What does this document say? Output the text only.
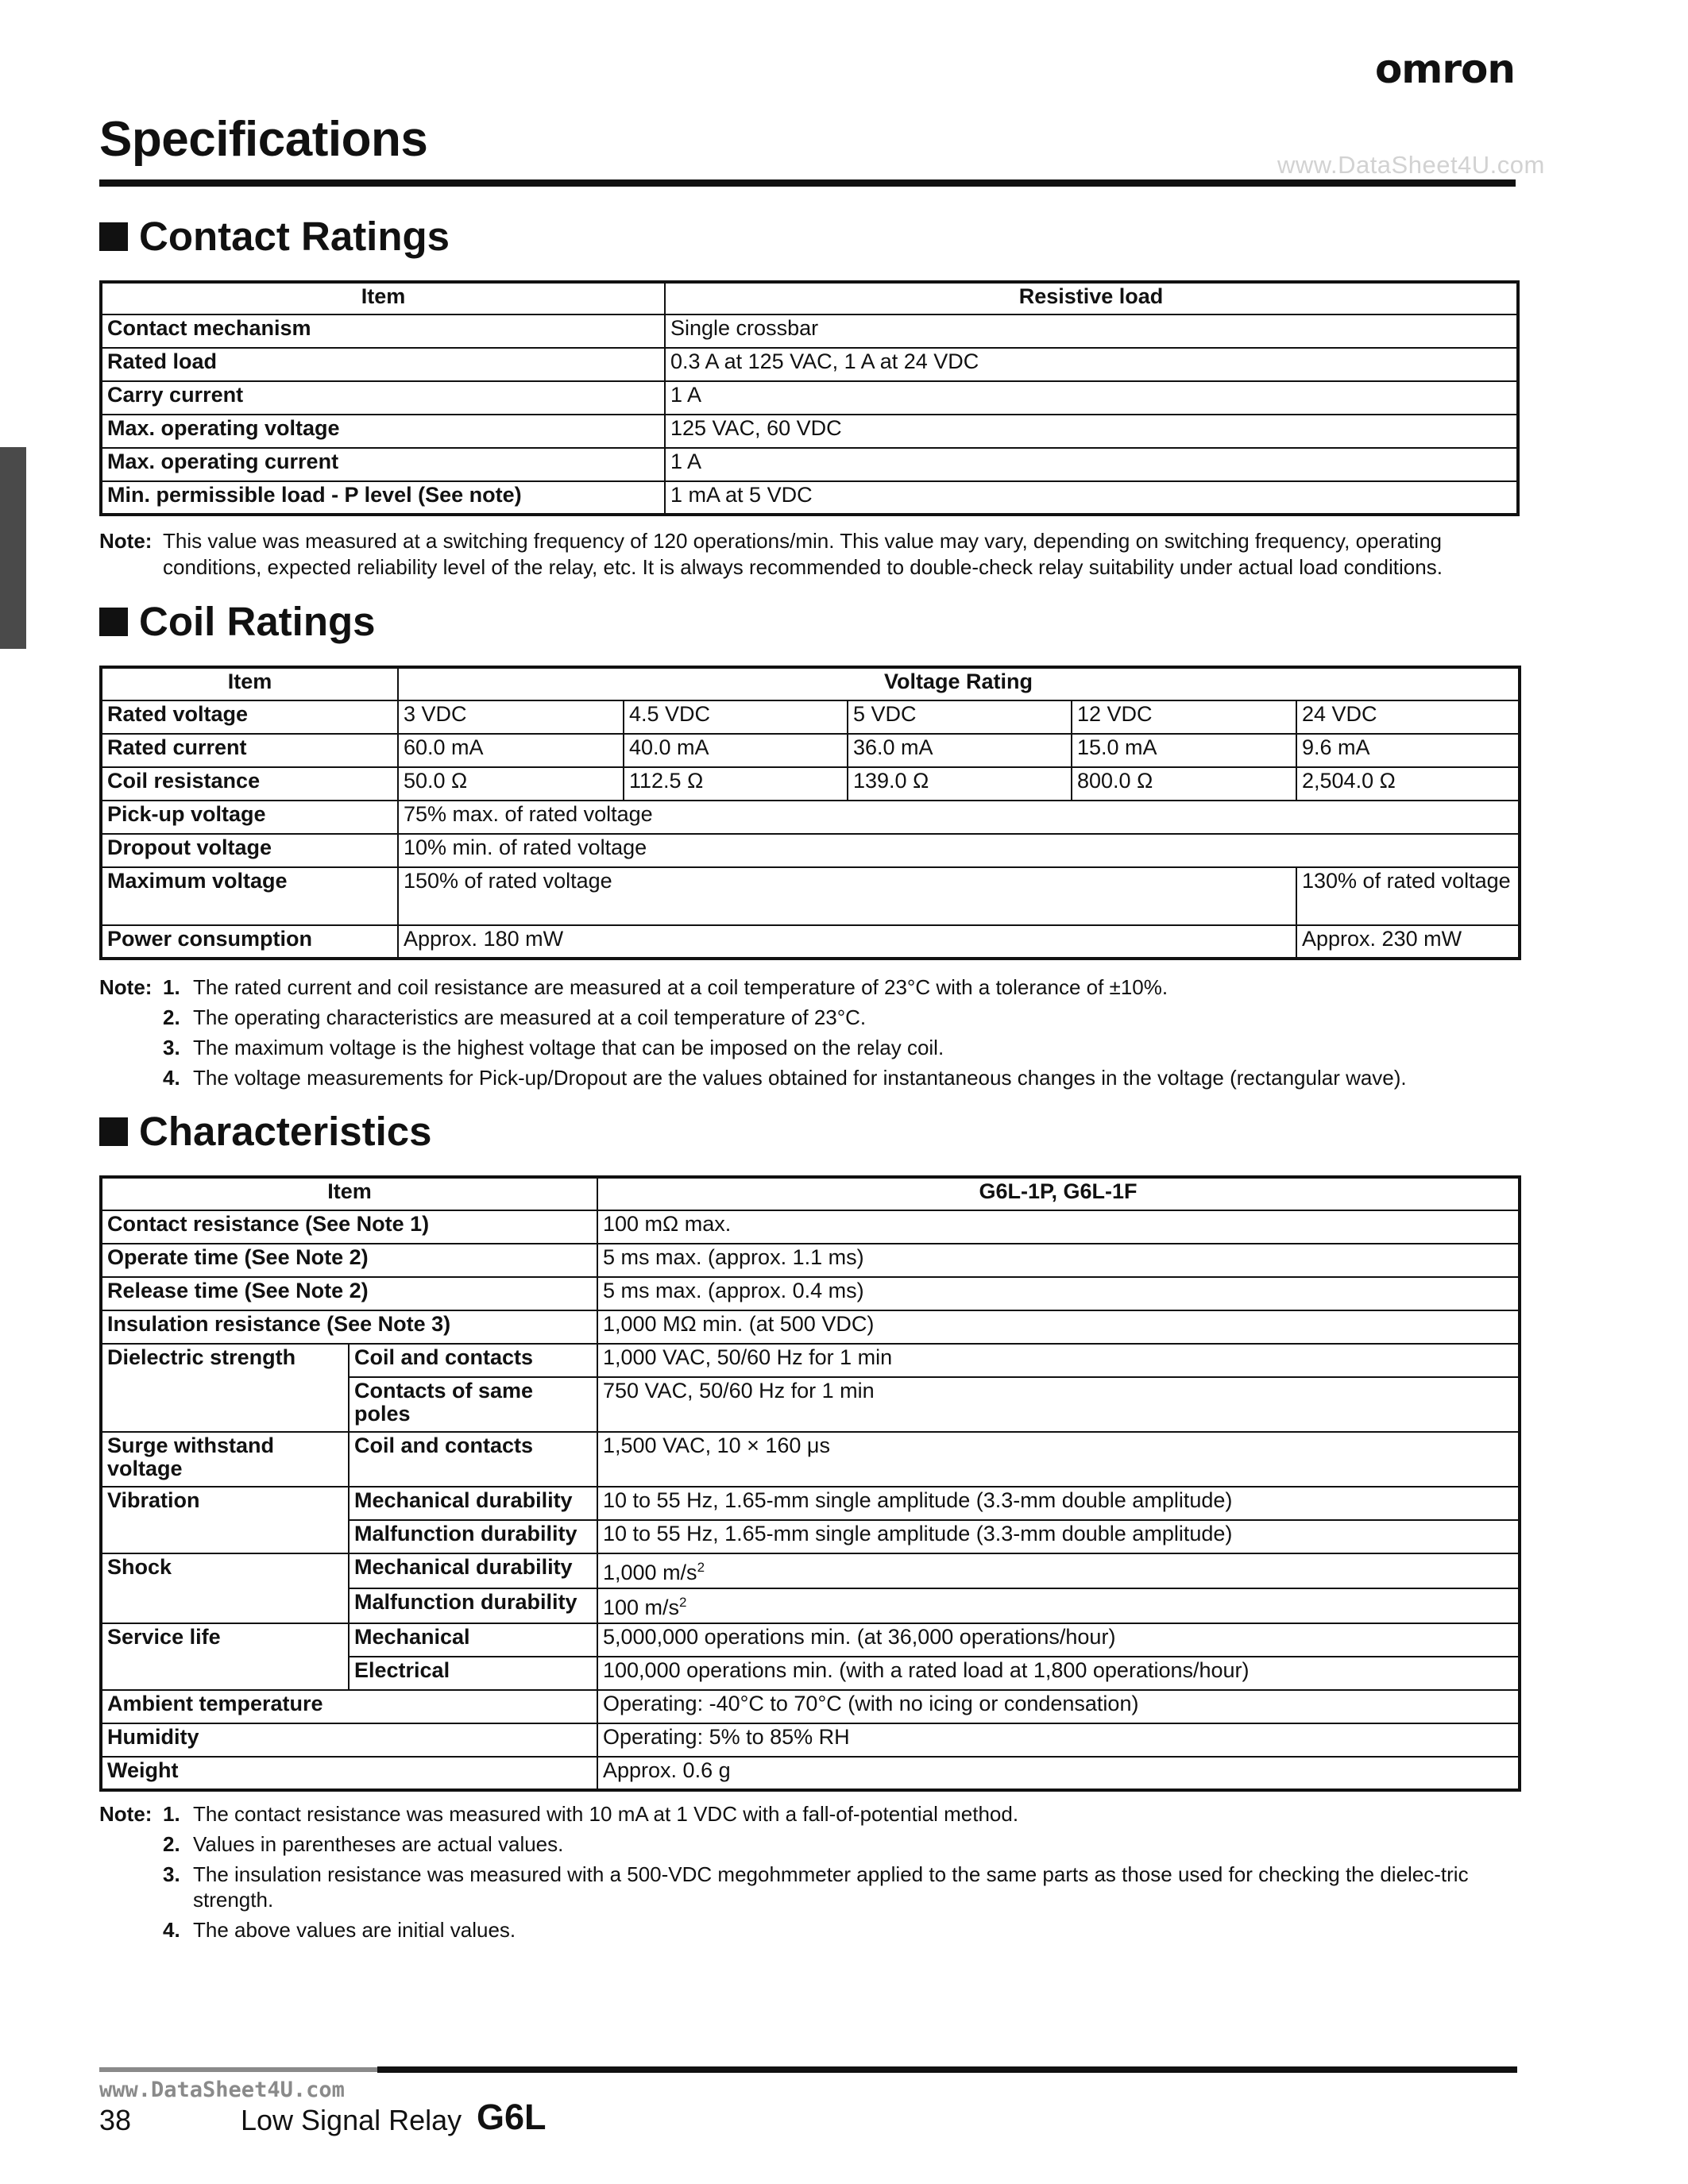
omron
www.DataSheet4U.com
Specifications
Contact Ratings
Item	Resistive load
Contact mechanism	Single crossbar
Rated load	0.3 A at 125 VAC, 1 A at 24 VDC
Carry current	1 A
Max. operating voltage	125 VAC, 60 VDC
Max. operating current	1 A
Min. permissible load - P level (See note)	1 mA at 5 VDC
Note: This value was measured at a switching frequency of 120 operations/min. This value may vary, depending on switching frequency, operating conditions, expected reliability level of the relay, etc. It is always recommended to double-check relay suitability under actual load conditions.
Coil Ratings
Item	Voltage Rating				
Rated voltage	3 VDC	4.5 VDC	5 VDC	12 VDC	24 VDC
Rated current	60.0 mA	40.0 mA	36.0 mA	15.0 mA	9.6 mA
Coil resistance	50.0 Ω	112.5 Ω	139.0 Ω	800.0 Ω	2,504.0 Ω
Pick-up voltage	75% max. of rated voltage				
Dropout voltage	10% min. of rated voltage				
Maximum voltage	150% of rated voltage				130% of rated voltage
Power consumption	Approx. 180 mW				Approx. 230 mW
Note: 1. The rated current and coil resistance are measured at a coil temperature of 23°C with a tolerance of ±10%.
2. The operating characteristics are measured at a coil temperature of 23°C.
3. The maximum voltage is the highest voltage that can be imposed on the relay coil.
4. The voltage measurements for Pick-up/Dropout are the values obtained for instantaneous changes in the voltage (rectangular wave).
Characteristics
Item		G6L-1P, G6L-1F
Contact resistance (See Note 1)		100 mΩ max.
Operate time (See Note 2)		5 ms max. (approx. 1.1 ms)
Release time (See Note 2)		5 ms max. (approx. 0.4 ms)
Insulation resistance (See Note 3)		1,000 MΩ min. (at 500 VDC)
Dielectric strength	Coil and contacts	1,000 VAC, 50/60 Hz for 1 min
	Contacts of same poles	750 VAC, 50/60 Hz for 1 min
Surge withstand voltage	Coil and contacts	1,500 VAC, 10 × 160 μs
Vibration	Mechanical durability	10 to 55 Hz, 1.65-mm single amplitude (3.3-mm double amplitude)
	Malfunction durability	10 to 55 Hz, 1.65-mm single amplitude (3.3-mm double amplitude)
Shock	Mechanical durability	1,000 $m/s^2$
	Malfunction durability	100 $m/s^2$
Service life	Mechanical	5,000,000 operations min. (at 36,000 operations/hour)
	Electrical	100,000 operations min. (with a rated load at 1,800 operations/hour)
Ambient temperature		Operating: -40°C to 70°C (with no icing or condensation)
Humidity		Operating: 5% to 85% RH
Weight		Approx. 0.6 g
Note: 1. The contact resistance was measured with 10 mA at 1 VDC with a fall-of-potential method.
2. Values in parentheses are actual values.
3. The insulation resistance was measured with a 500-VDC megohmmeter applied to the same parts as those used for checking the dielec-tric strength.
4. The above values are initial values.
www.DataSheet4U.com
38	Low Signal Relay G6L
